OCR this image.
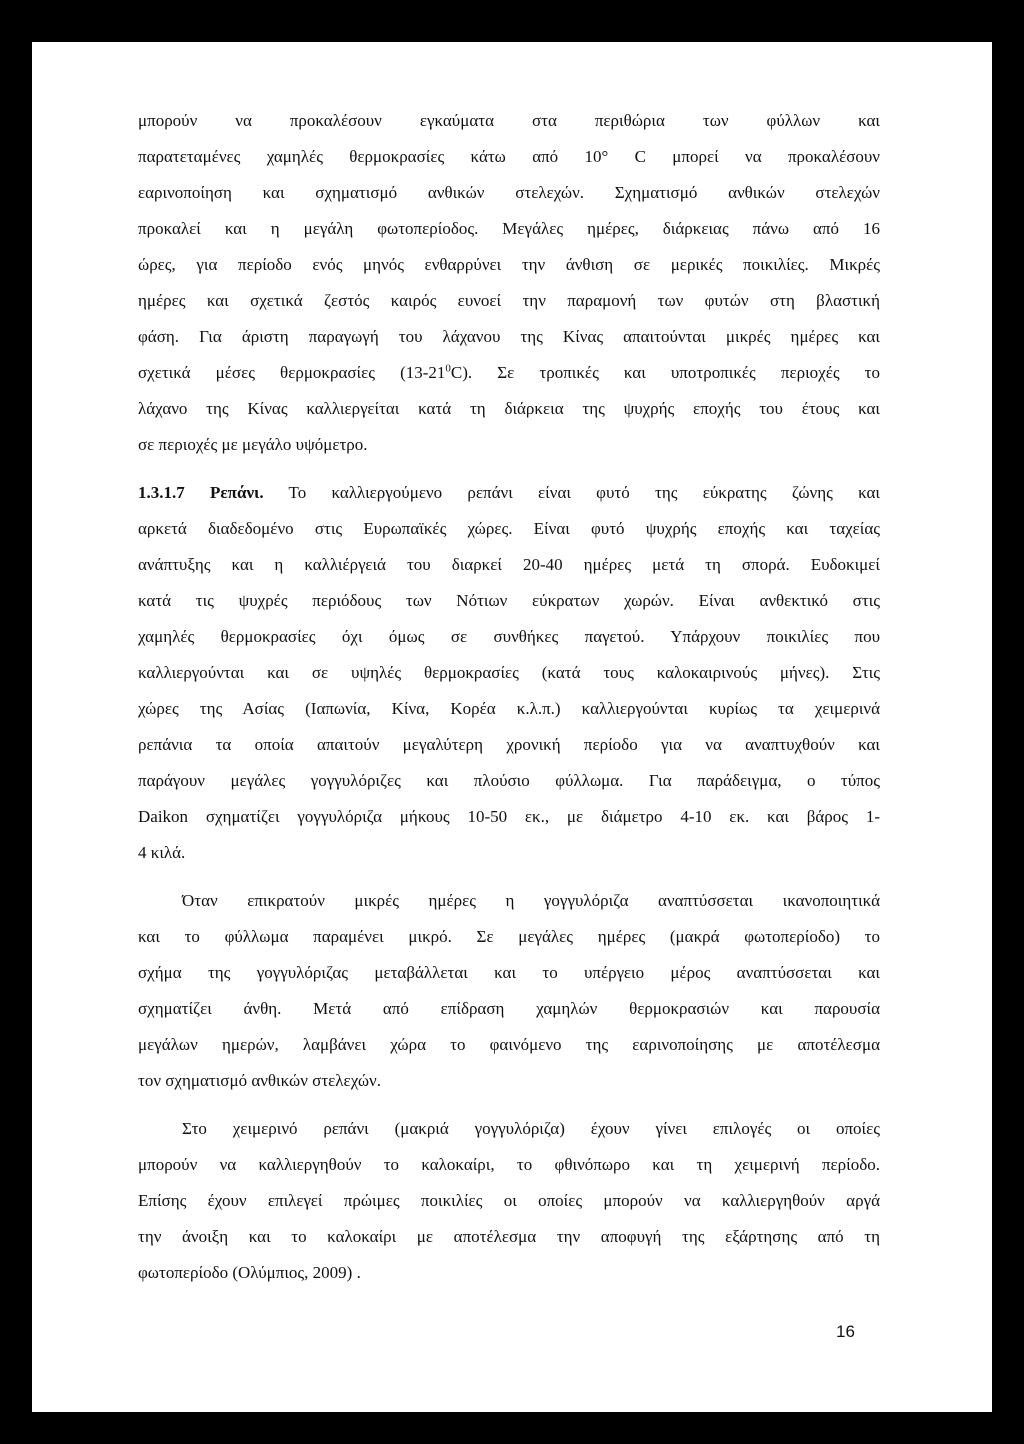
μπορούν να προκαλέσουν εγκαύματα στα περιθώρια των φύλλων και
παρατεταμένες χαμηλές θερμοκρασίες κάτω από 10° C μπορεί να προκαλέσουν
εαρινοποίηση και σχηματισμό ανθικών στελεχών. Σχηματισμό ανθικών στελεχών
προκαλεί και η μεγάλη φωτοπερίοδος. Μεγάλες ημέρες, διάρκειας πάνω από 16
ώρες, για περίοδο ενός μηνός ενθαρρύνει την άνθιση σε μερικές ποικιλίες. Μικρές
ημέρες και σχετικά ζεστός καιρός ευνοεί την παραμονή των φυτών στη βλαστική
φάση. Για άριστη παραγωγή του λάχανου της Κίνας απαιτούνται μικρές ημέρες και
σχετικά μέσες θερμοκρασίες $(13-21^0C)$. Σε τροπικές και υποτροπικές περιοχές το
λάχανο της Κίνας καλλιεργείται κατά τη διάρκεια της ψυχρής εποχής του έτους και
σε περιοχές με μεγάλο υψόμετρο.
1.3.1.7 Ρεπάνι. Το καλλιεργούμενο ρεπάνι είναι φυτό της εύκρατης ζώνης και
αρκετά διαδεδομένο στις Ευρωπαϊκές χώρες. Είναι φυτό ψυχρής εποχής και ταχείας
ανάπτυξης και η καλλιέργειά του διαρκεί 20-40 ημέρες μετά τη σπορά. Ευδοκιμεί
κατά τις ψυχρές περιόδους των Νότιων εύκρατων χωρών. Είναι ανθεκτικό στις
χαμηλές θερμοκρασίες όχι όμως σε συνθήκες παγετού. Υπάρχουν ποικιλίες που
καλλιεργούνται και σε υψηλές θερμοκρασίες (κατά τους καλοκαιρινούς μήνες). Στις
χώρες της Ασίας (Ιαπωνία, Κίνα, Κορέα κ.λ.π.) καλλιεργούνται κυρίως τα χειμερινά
ρεπάνια τα οποία απαιτούν μεγαλύτερη χρονική περίοδο για να αναπτυχθούν και
παράγουν μεγάλες γογγυλόριζες και πλούσιο φύλλωμα. Για παράδειγμα, ο τύπος
Daikon σχηματίζει γογγυλόριζα μήκους 10-50 εκ., με διάμετρο 4-10 εκ. και βάρος 1-
4 κιλά.
Όταν επικρατούν μικρές ημέρες η γογγυλόριζα αναπτύσσεται ικανοποιητικά
και το φύλλωμα παραμένει μικρό. Σε μεγάλες ημέρες (μακρά φωτοπερίοδο) το
σχήμα της γογγυλόριζας μεταβάλλεται και το υπέργειο μέρος αναπτύσσεται και
σχηματίζει άνθη. Μετά από επίδραση χαμηλών θερμοκρασιών και παρουσία
μεγάλων ημερών, λαμβάνει χώρα το φαινόμενο της εαρινοποίησης με αποτέλεσμα
τον σχηματισμό ανθικών στελεχών.
Στο χειμερινό ρεπάνι (μακριά γογγυλόριζα) έχουν γίνει επιλογές οι οποίες
μπορούν να καλλιεργηθούν το καλοκαίρι, το φθινόπωρο και τη χειμερινή περίοδο.
Επίσης έχουν επιλεγεί πρώιμες ποικιλίες οι οποίες μπορούν να καλλιεργηθούν αργά
την άνοιξη και το καλοκαίρι με αποτέλεσμα την αποφυγή της εξάρτησης από τη
φωτοπερίοδο (Ολύμπιος, 2009) .
16
